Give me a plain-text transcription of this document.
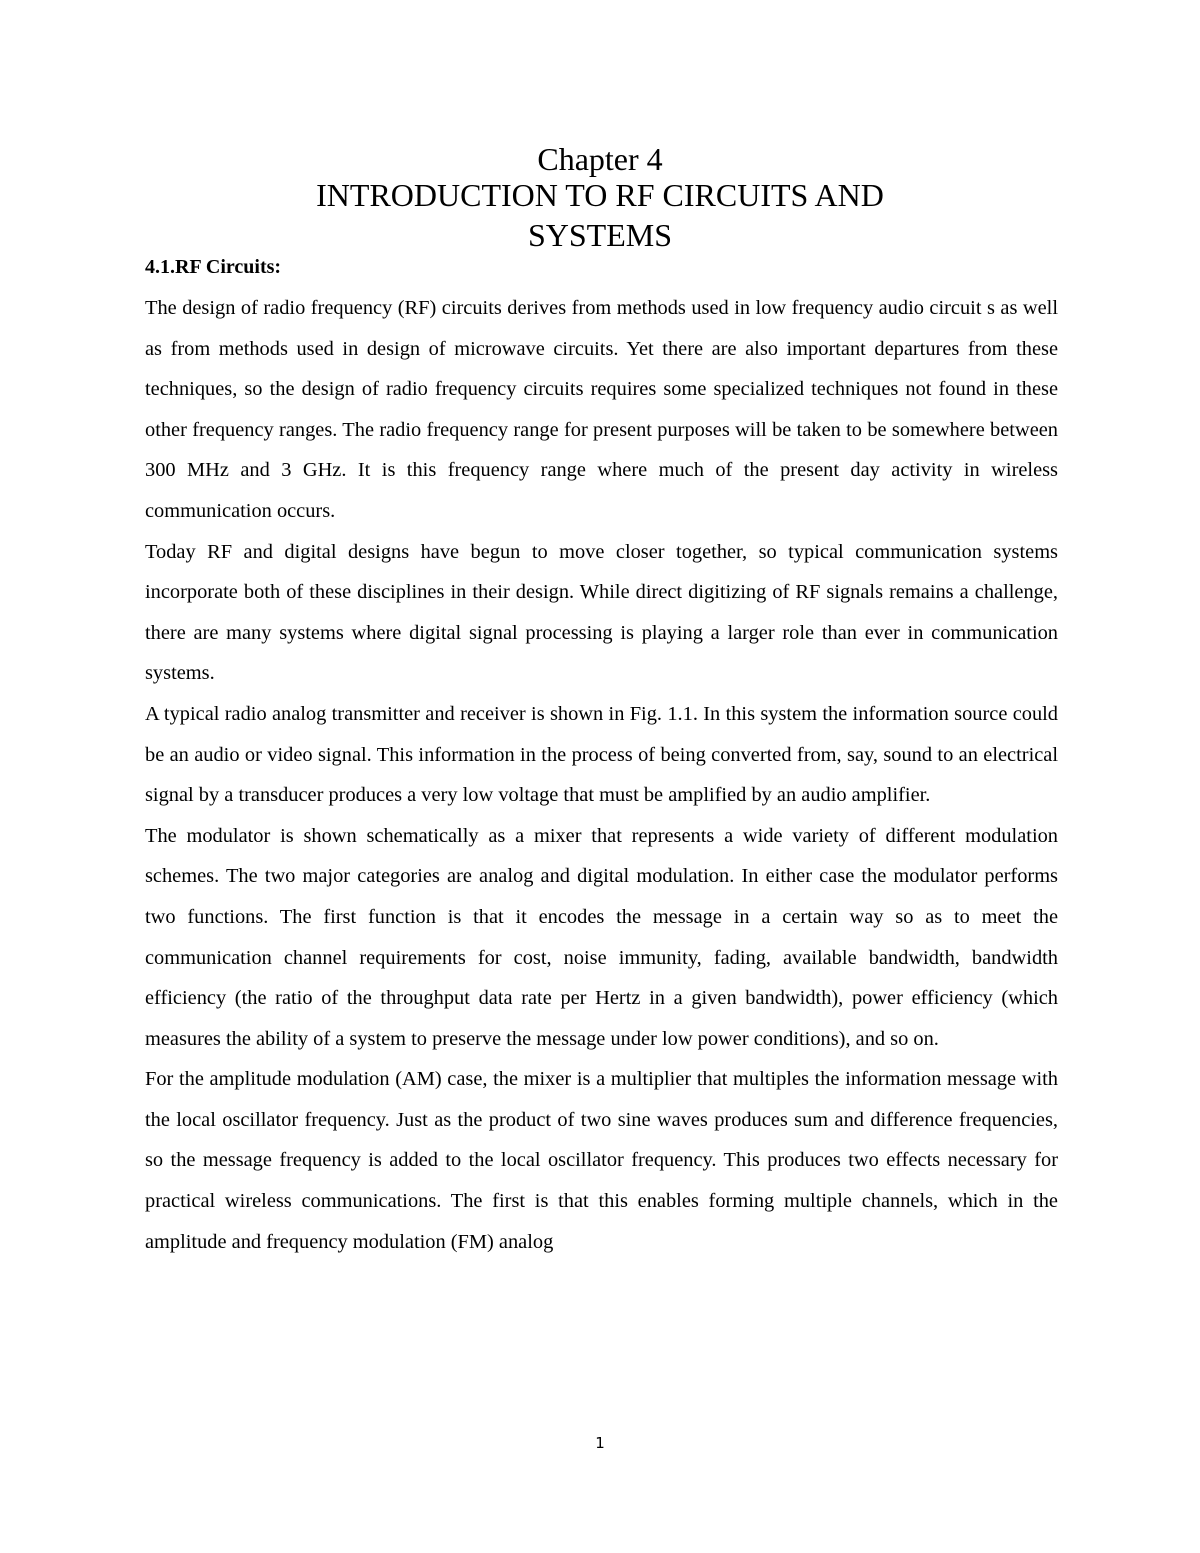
Chapter 4
INTRODUCTION TO RF CIRCUITS AND
SYSTEMS
4.1.RF Circuits:

The design of radio frequency (RF) circuits derives from methods used in low frequency audio circuit s as well as from methods used in design of microwave circuits. Yet there are also important departures from these techniques, so the design of radio frequency circuits requires some specialized techniques not found in these other frequency ranges. The radio frequency range for present purposes will be taken to be somewhere between 300 MHz and 3 GHz. It is this frequency range where much of the present day activity in wireless communication occurs.

Today RF and digital designs have begun to move closer together, so typical communication systems incorporate both of these disciplines in their design. While direct digitizing of RF signals remains a challenge, there are many systems where digital signal processing is playing a larger role than ever in communication systems.

A typical radio analog transmitter and receiver is shown in Fig. 1.1. In this system the information source could be an audio or video signal. This information in the process of being converted from, say, sound to an electrical signal by a transducer produces a very low voltage that must be amplified by an audio amplifier.

The modulator is shown schematically as a mixer that represents a wide variety of different modulation schemes. The two major categories are analog and digital modulation. In either case the modulator performs two functions. The first function is that it encodes the message in a certain way so as to meet the communication channel requirements for cost, noise immunity, fading, available bandwidth, bandwidth efficiency (the ratio of the throughput data rate per Hertz in a given bandwidth), power efficiency (which measures the ability of a system to preserve the message under low power conditions), and so on.

For the amplitude modulation (AM) case, the mixer is a multiplier that multiples the information message with the local oscillator frequency. Just as the product of two sine waves produces sum and difference frequencies, so the message frequency is added to the local oscillator frequency. This produces two effects necessary for practical wireless communications. The first is that this enables forming multiple channels, which in the amplitude and frequency modulation (FM) analog

1
